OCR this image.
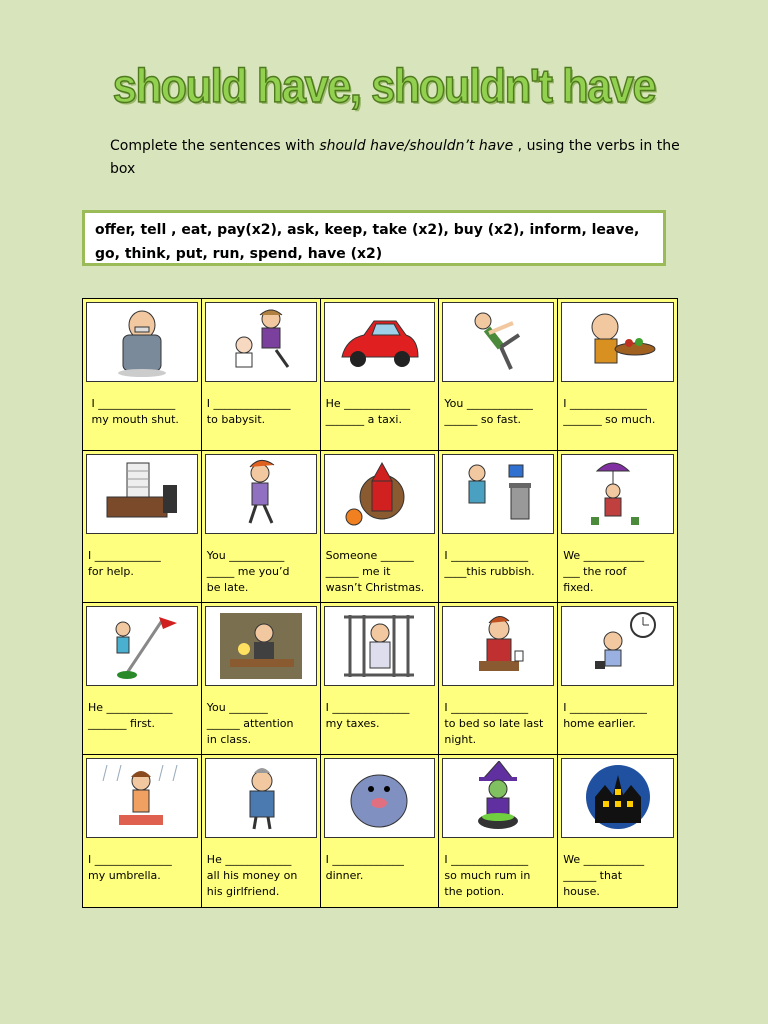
should have, shouldn't have
Complete the sentences with should have/shouldn’t have , using the verbs in the box
offer, tell , eat, pay(x2), ask, keep, take (x2), buy (x2), inform, leave, go, think, put, run, spend, have (x2)
I ______________
my mouth shut.
I ______________
to babysit.
He ____________
_______ a taxi.
You ____________
______ so fast.
I ______________
_______ so much.
I ____________
for help.
You __________
_____ me you’d
be late.
Someone ______
______ me it
wasn’t Christmas.
I ______________
____this rubbish.
We ___________
___ the roof
fixed.
He ____________
_______ first.
You _______
______ attention
in class.
I ______________
my taxes.
I ______________
to bed so late last
night.
I ______________
home earlier.
I ______________
my umbrella.
He ____________
all his money on
his girlfriend.
I _____________
dinner.
I ______________
so much rum in
the potion.
We ___________
______ that
house.
